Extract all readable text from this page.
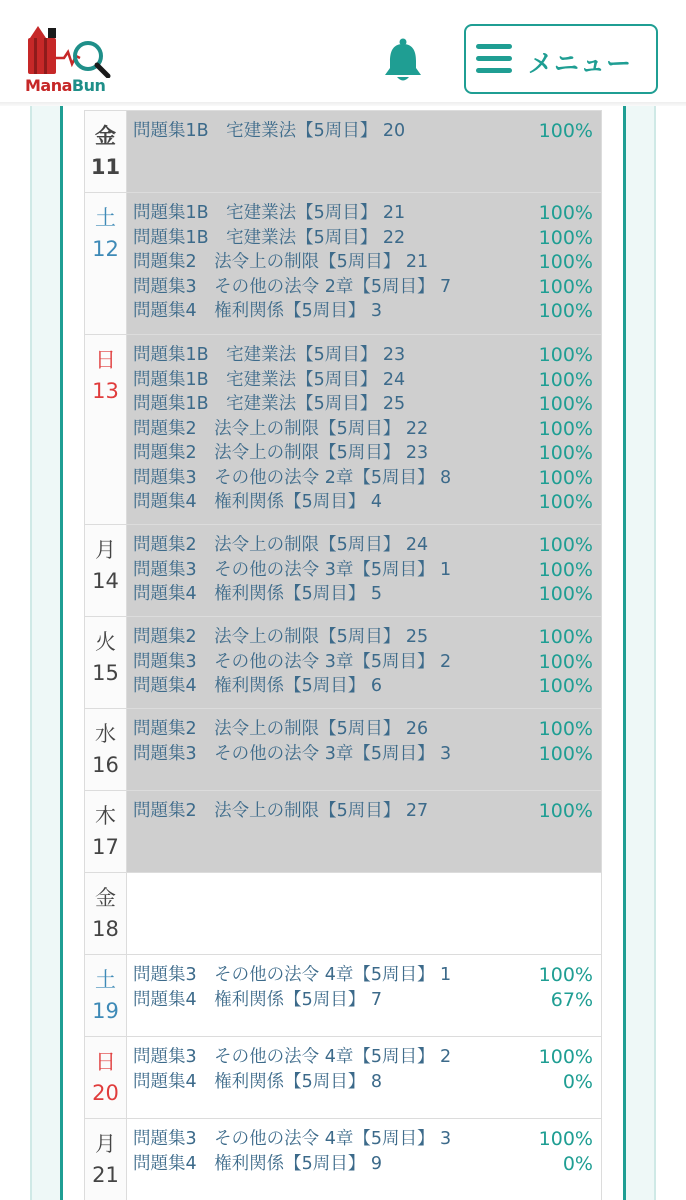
ManaBun
メニュー
金
11
問題集1B　宅建業法【5周目】 20	100%
土
12
問題集1B　宅建業法【5周目】 21	100%
問題集1B　宅建業法【5周目】 22	100%
問題集2　法令上の制限【5周目】 21	100%
問題集3　その他の法令 2章【5周目】 7	100%
問題集4　権利関係【5周目】 3	100%
日
13
問題集1B　宅建業法【5周目】 23	100%
問題集1B　宅建業法【5周目】 24	100%
問題集1B　宅建業法【5周目】 25	100%
問題集2　法令上の制限【5周目】 22	100%
問題集2　法令上の制限【5周目】 23	100%
問題集3　その他の法令 2章【5周目】 8	100%
問題集4　権利関係【5周目】 4	100%
月
14
問題集2　法令上の制限【5周目】 24	100%
問題集3　その他の法令 3章【5周目】 1	100%
問題集4　権利関係【5周目】 5	100%
火
15
問題集2　法令上の制限【5周目】 25	100%
問題集3　その他の法令 3章【5周目】 2	100%
問題集4　権利関係【5周目】 6	100%
水
16
問題集2　法令上の制限【5周目】 26	100%
問題集3　その他の法令 3章【5周目】 3	100%
木
17
問題集2　法令上の制限【5周目】 27	100%
金
18
土
19
問題集3　その他の法令 4章【5周目】 1	100%
問題集4　権利関係【5周目】 7	67%
日
20
問題集3　その他の法令 4章【5周目】 2	100%
問題集4　権利関係【5周目】 8	0%
月
21
問題集3　その他の法令 4章【5周目】 3	100%
問題集4　権利関係【5周目】 9	0%
